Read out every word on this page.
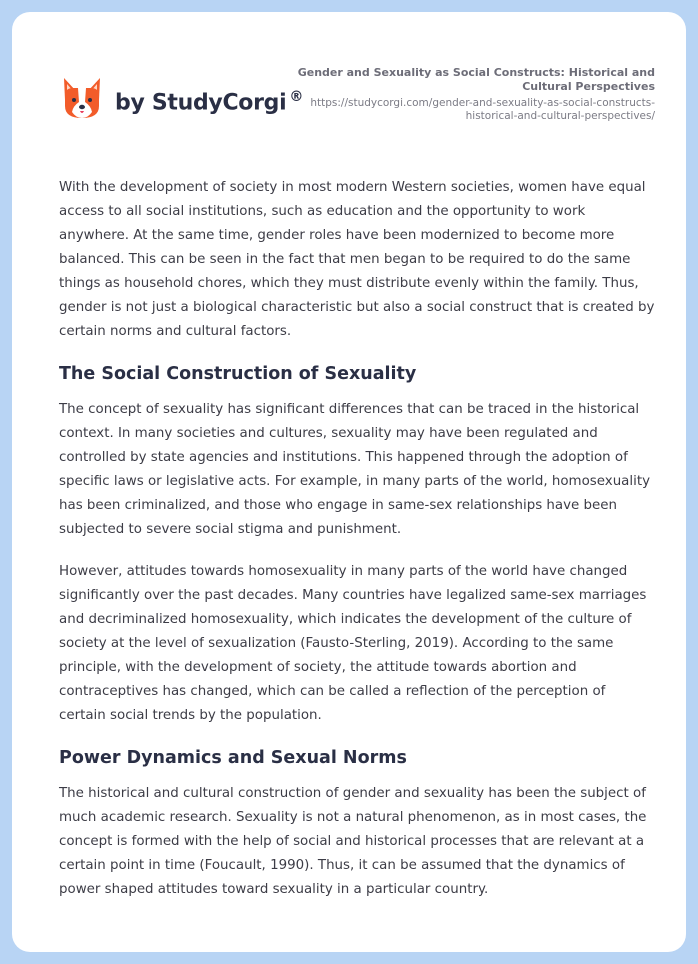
by StudyCorgi ®
Gender and Sexuality as Social Constructs: Historical and Cultural Perspectives
https://studycorgi.com/gender-and-sexuality-as-social-constructs-historical-and-cultural-perspectives/

With the development of society in most modern Western societies, women have equal access to all social institutions, such as education and the opportunity to work anywhere. At the same time, gender roles have been modernized to become more balanced. This can be seen in the fact that men began to be required to do the same things as household chores, which they must distribute evenly within the family. Thus, gender is not just a biological characteristic but also a social construct that is created by certain norms and cultural factors.

The Social Construction of Sexuality

The concept of sexuality has significant differences that can be traced in the historical context. In many societies and cultures, sexuality may have been regulated and controlled by state agencies and institutions. This happened through the adoption of specific laws or legislative acts. For example, in many parts of the world, homosexuality has been criminalized, and those who engage in same-sex relationships have been subjected to severe social stigma and punishment.

However, attitudes towards homosexuality in many parts of the world have changed significantly over the past decades. Many countries have legalized same-sex marriages and decriminalized homosexuality, which indicates the development of the culture of society at the level of sexualization (Fausto-Sterling, 2019). According to the same principle, with the development of society, the attitude towards abortion and contraceptives has changed, which can be called a reflection of the perception of certain social trends by the population.

Power Dynamics and Sexual Norms

The historical and cultural construction of gender and sexuality has been the subject of much academic research. Sexuality is not a natural phenomenon, as in most cases, the concept is formed with the help of social and historical processes that are relevant at a certain point in time (Foucault, 1990). Thus, it can be assumed that the dynamics of power shaped attitudes toward sexuality in a particular country.
